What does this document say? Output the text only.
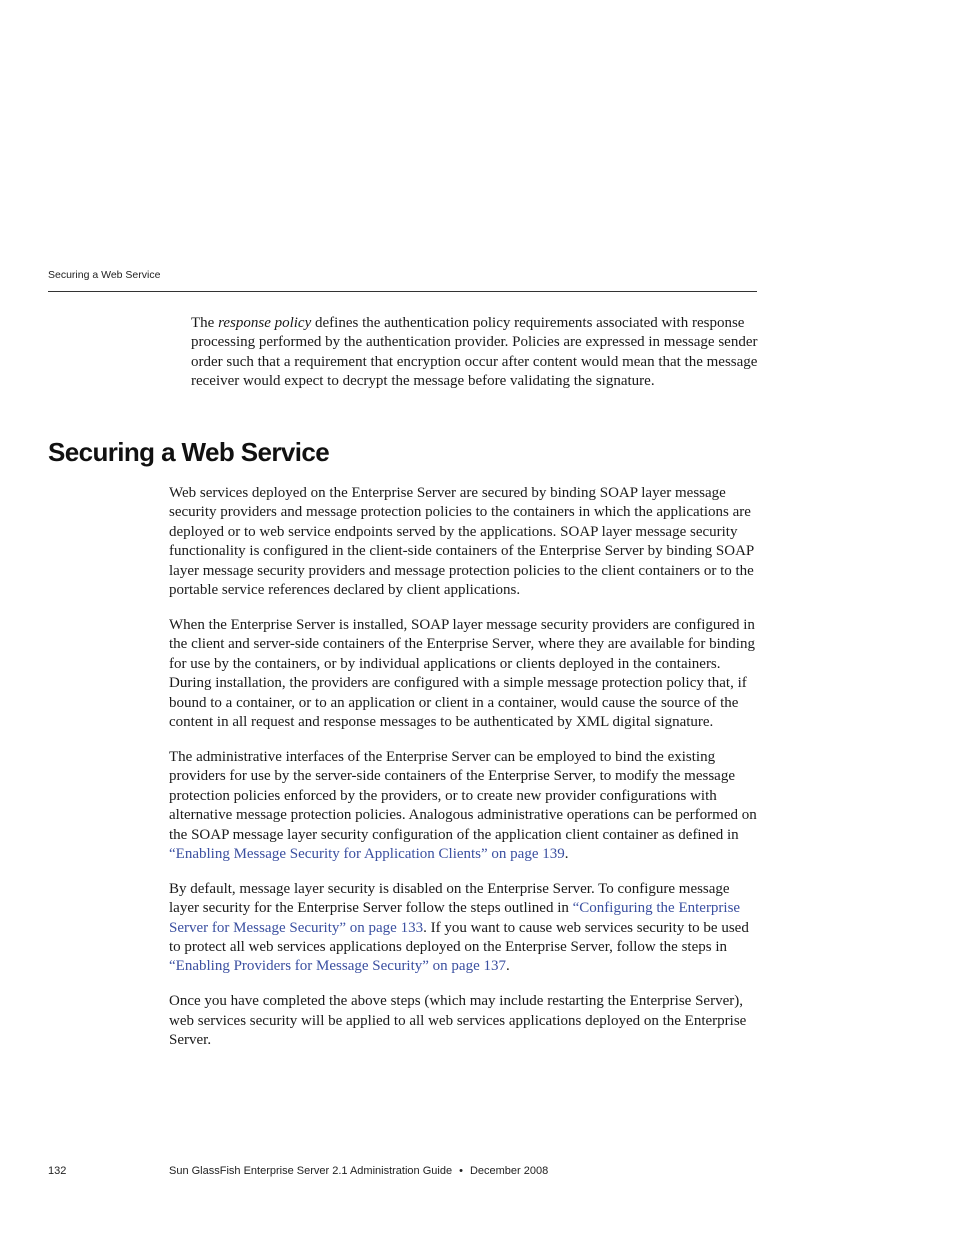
Securing a Web Service

The response policy defines the authentication policy requirements associated with response processing performed by the authentication provider. Policies are expressed in message sender order such that a requirement that encryption occur after content would mean that the message receiver would expect to decrypt the message before validating the signature.

Securing a Web Service

Web services deployed on the Enterprise Server are secured by binding SOAP layer message security providers and message protection policies to the containers in which the applications are deployed or to web service endpoints served by the applications. SOAP layer message security functionality is configured in the client-side containers of the Enterprise Server by binding SOAP layer message security providers and message protection policies to the client containers or to the portable service references declared by client applications.

When the Enterprise Server is installed, SOAP layer message security providers are configured in the client and server-side containers of the Enterprise Server, where they are available for binding for use by the containers, or by individual applications or clients deployed in the containers. During installation, the providers are configured with a simple message protection policy that, if bound to a container, or to an application or client in a container, would cause the source of the content in all request and response messages to be authenticated by XML digital signature.

The administrative interfaces of the Enterprise Server can be employed to bind the existing providers for use by the server-side containers of the Enterprise Server, to modify the message protection policies enforced by the providers, or to create new provider configurations with alternative message protection policies. Analogous administrative operations can be performed on the SOAP message layer security configuration of the application client container as defined in “Enabling Message Security for Application Clients” on page 139.

By default, message layer security is disabled on the Enterprise Server. To configure message layer security for the Enterprise Server follow the steps outlined in “Configuring the Enterprise Server for Message Security” on page 133. If you want to cause web services security to be used to protect all web services applications deployed on the Enterprise Server, follow the steps in “Enabling Providers for Message Security” on page 137.

Once you have completed the above steps (which may include restarting the Enterprise Server), web services security will be applied to all web services applications deployed on the Enterprise Server.

132	Sun GlassFish Enterprise Server 2.1 Administration Guide • December 2008
